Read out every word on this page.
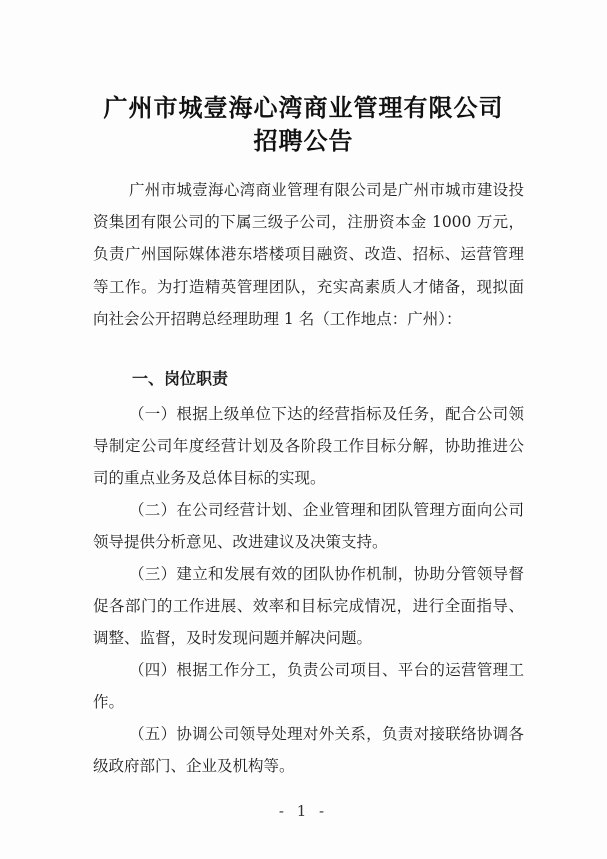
广州市城壹海心湾商业管理有限公司
招聘公告
广州市城壹海心湾商业管理有限公司是广州市城市建设投资集团有限公司的下属三级子公司，注册资本金 1000 万元，负责广州国际媒体港东塔楼项目融资、改造、招标、运营管理等工作。为打造精英管理团队，充实高素质人才储备，现拟面向社会公开招聘总经理助理 1 名（工作地点：广州）：
一、岗位职责
（一）根据上级单位下达的经营指标及任务，配合公司领导制定公司年度经营计划及各阶段工作目标分解，协助推进公司的重点业务及总体目标的实现。
（二）在公司经营计划、企业管理和团队管理方面向公司领导提供分析意见、改进建议及决策支持。
（三）建立和发展有效的团队协作机制，协助分管领导督促各部门的工作进展、效率和目标完成情况，进行全面指导、调整、监督，及时发现问题并解决问题。
（四）根据工作分工，负责公司项目、平台的运营管理工作。
（五）协调公司领导处理对外关系，负责对接联络协调各级政府部门、企业及机构等。
- 1 -
